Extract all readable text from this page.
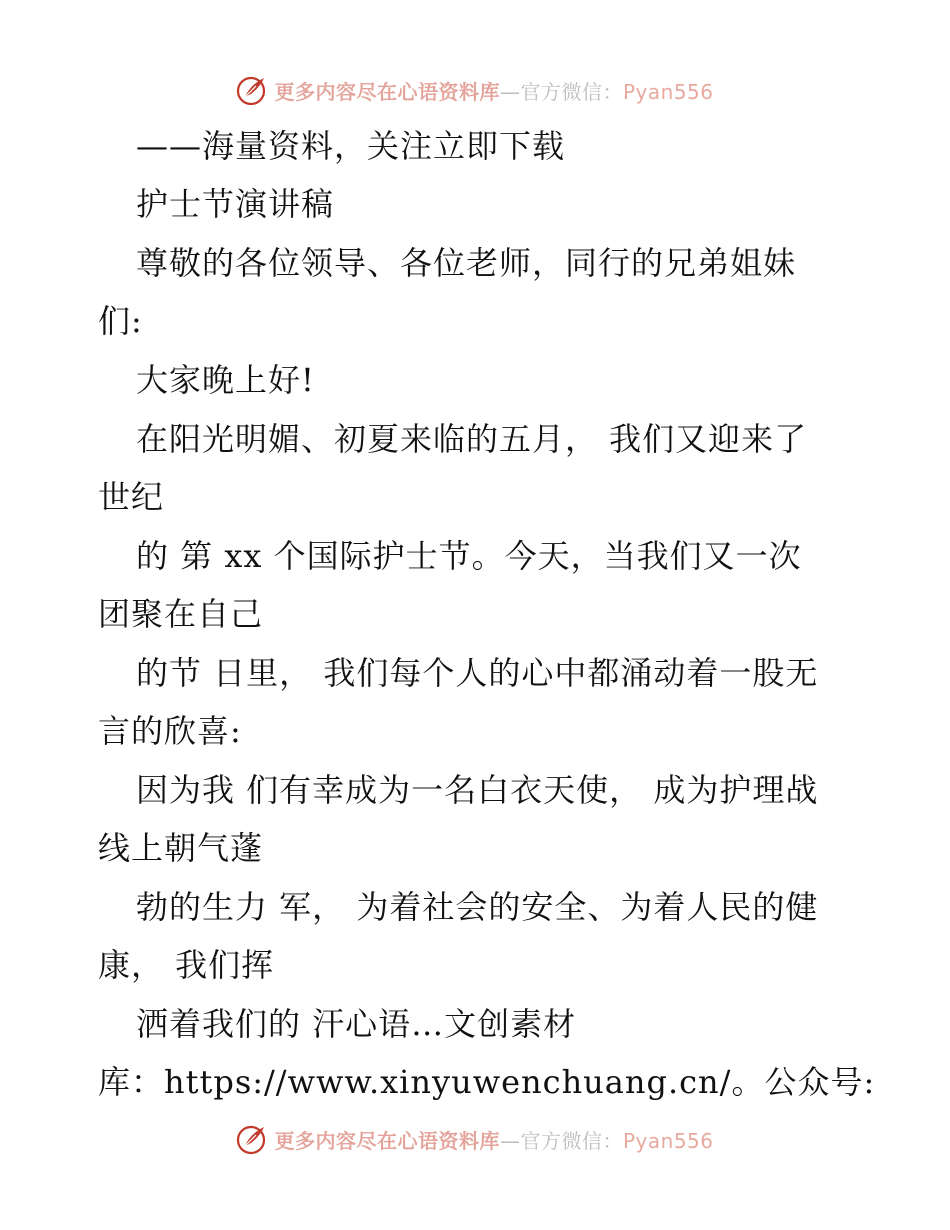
更多内容尽在心语资料库—官方微信：Pyan556
——海量资料，关注立即下载
护士节演讲稿
尊敬的各位领导、各位老师，同行的兄弟姐妹
们:
大家晚上好!
在阳光明媚、初夏来临的五月， 我们又迎来了
世纪
的 第 xx 个国际护士节。今天，当我们又一次
团聚在自己
的节 日里， 我们每个人的心中都涌动着一股无
言的欣喜:
因为我 们有幸成为一名白衣天使， 成为护理战
线上朝气蓬
勃的生力 军， 为着社会的安全、为着人民的健
康， 我们挥
洒着我们的 汗心语…文创素材
库：https://www.xinyuwenchuang.cn/。公众号:
更多内容尽在心语资料库—官方微信：Pyan556
